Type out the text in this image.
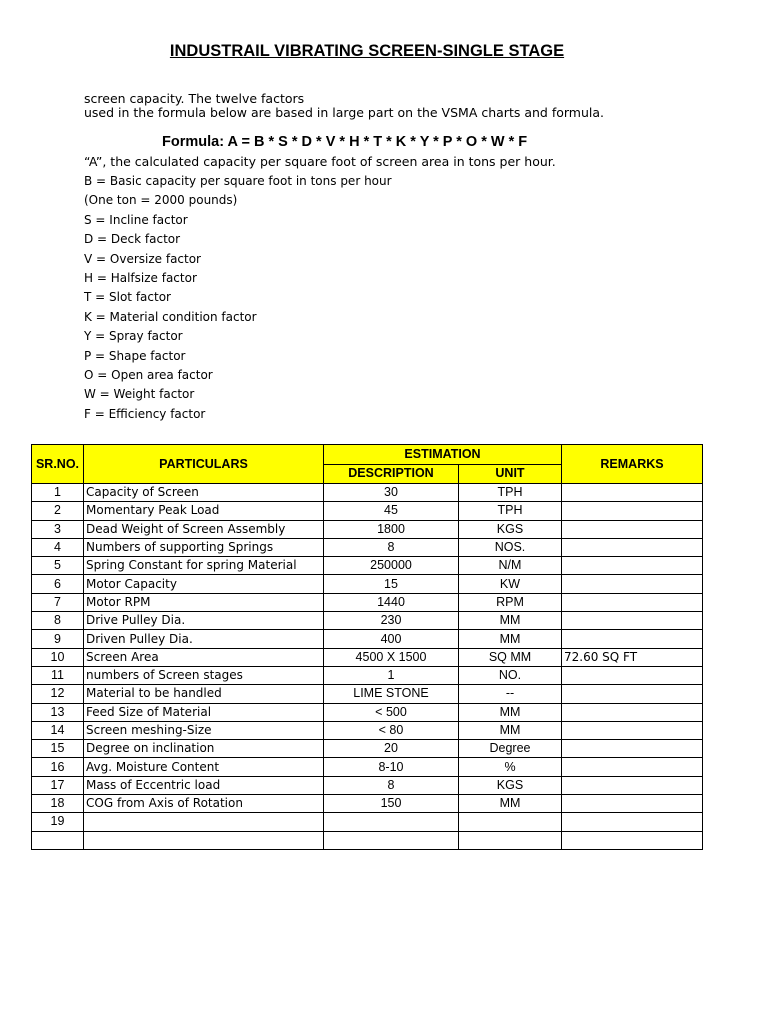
INDUSTRAIL VIBRATING SCREEN-SINGLE STAGE
screen capacity. The twelve factors
used in the formula below are based in large part on the VSMA charts and formula.
Formula: A = B * S * D * V * H * T * K * Y * P * O * W * F
“A”, the calculated capacity per square foot of screen area in tons per hour.
B = Basic capacity per square foot in tons per hour
(One ton = 2000 pounds)
S = Incline factor
D = Deck factor
V = Oversize factor
H = Halfsize factor
T = Slot factor
K = Material condition factor
Y = Spray factor
P = Shape factor
O = Open area factor
W = Weight factor
F = Efficiency factor
SR.NO.	PARTICULARS	ESTIMATION		REMARKS
		DESCRIPTION	UNIT	
1	Capacity of Screen	30	TPH	
2	Momentary Peak Load	45	TPH	
3	Dead Weight of Screen Assembly	1800	KGS	
4	Numbers of supporting Springs	8	NOS.	
5	Spring Constant for spring Material	250000	N/M	
6	Motor Capacity	15	KW	
7	Motor RPM	1440	RPM	
8	Drive Pulley Dia.	230	MM	
9	Driven Pulley Dia.	400	MM	
10	Screen Area	4500 X 1500	SQ MM	72.60 SQ FT
11	numbers of Screen stages	1	NO.	
12	Material to be handled	LIME STONE	--	
13	Feed Size of Material	< 500	MM	
14	Screen meshing-Size	< 80	MM	
15	Degree on inclination	20	Degree	
16	Avg. Moisture Content	8-10	%	
17	Mass of Eccentric load	8	KGS	
18	COG from Axis of Rotation	150	MM	
19				
